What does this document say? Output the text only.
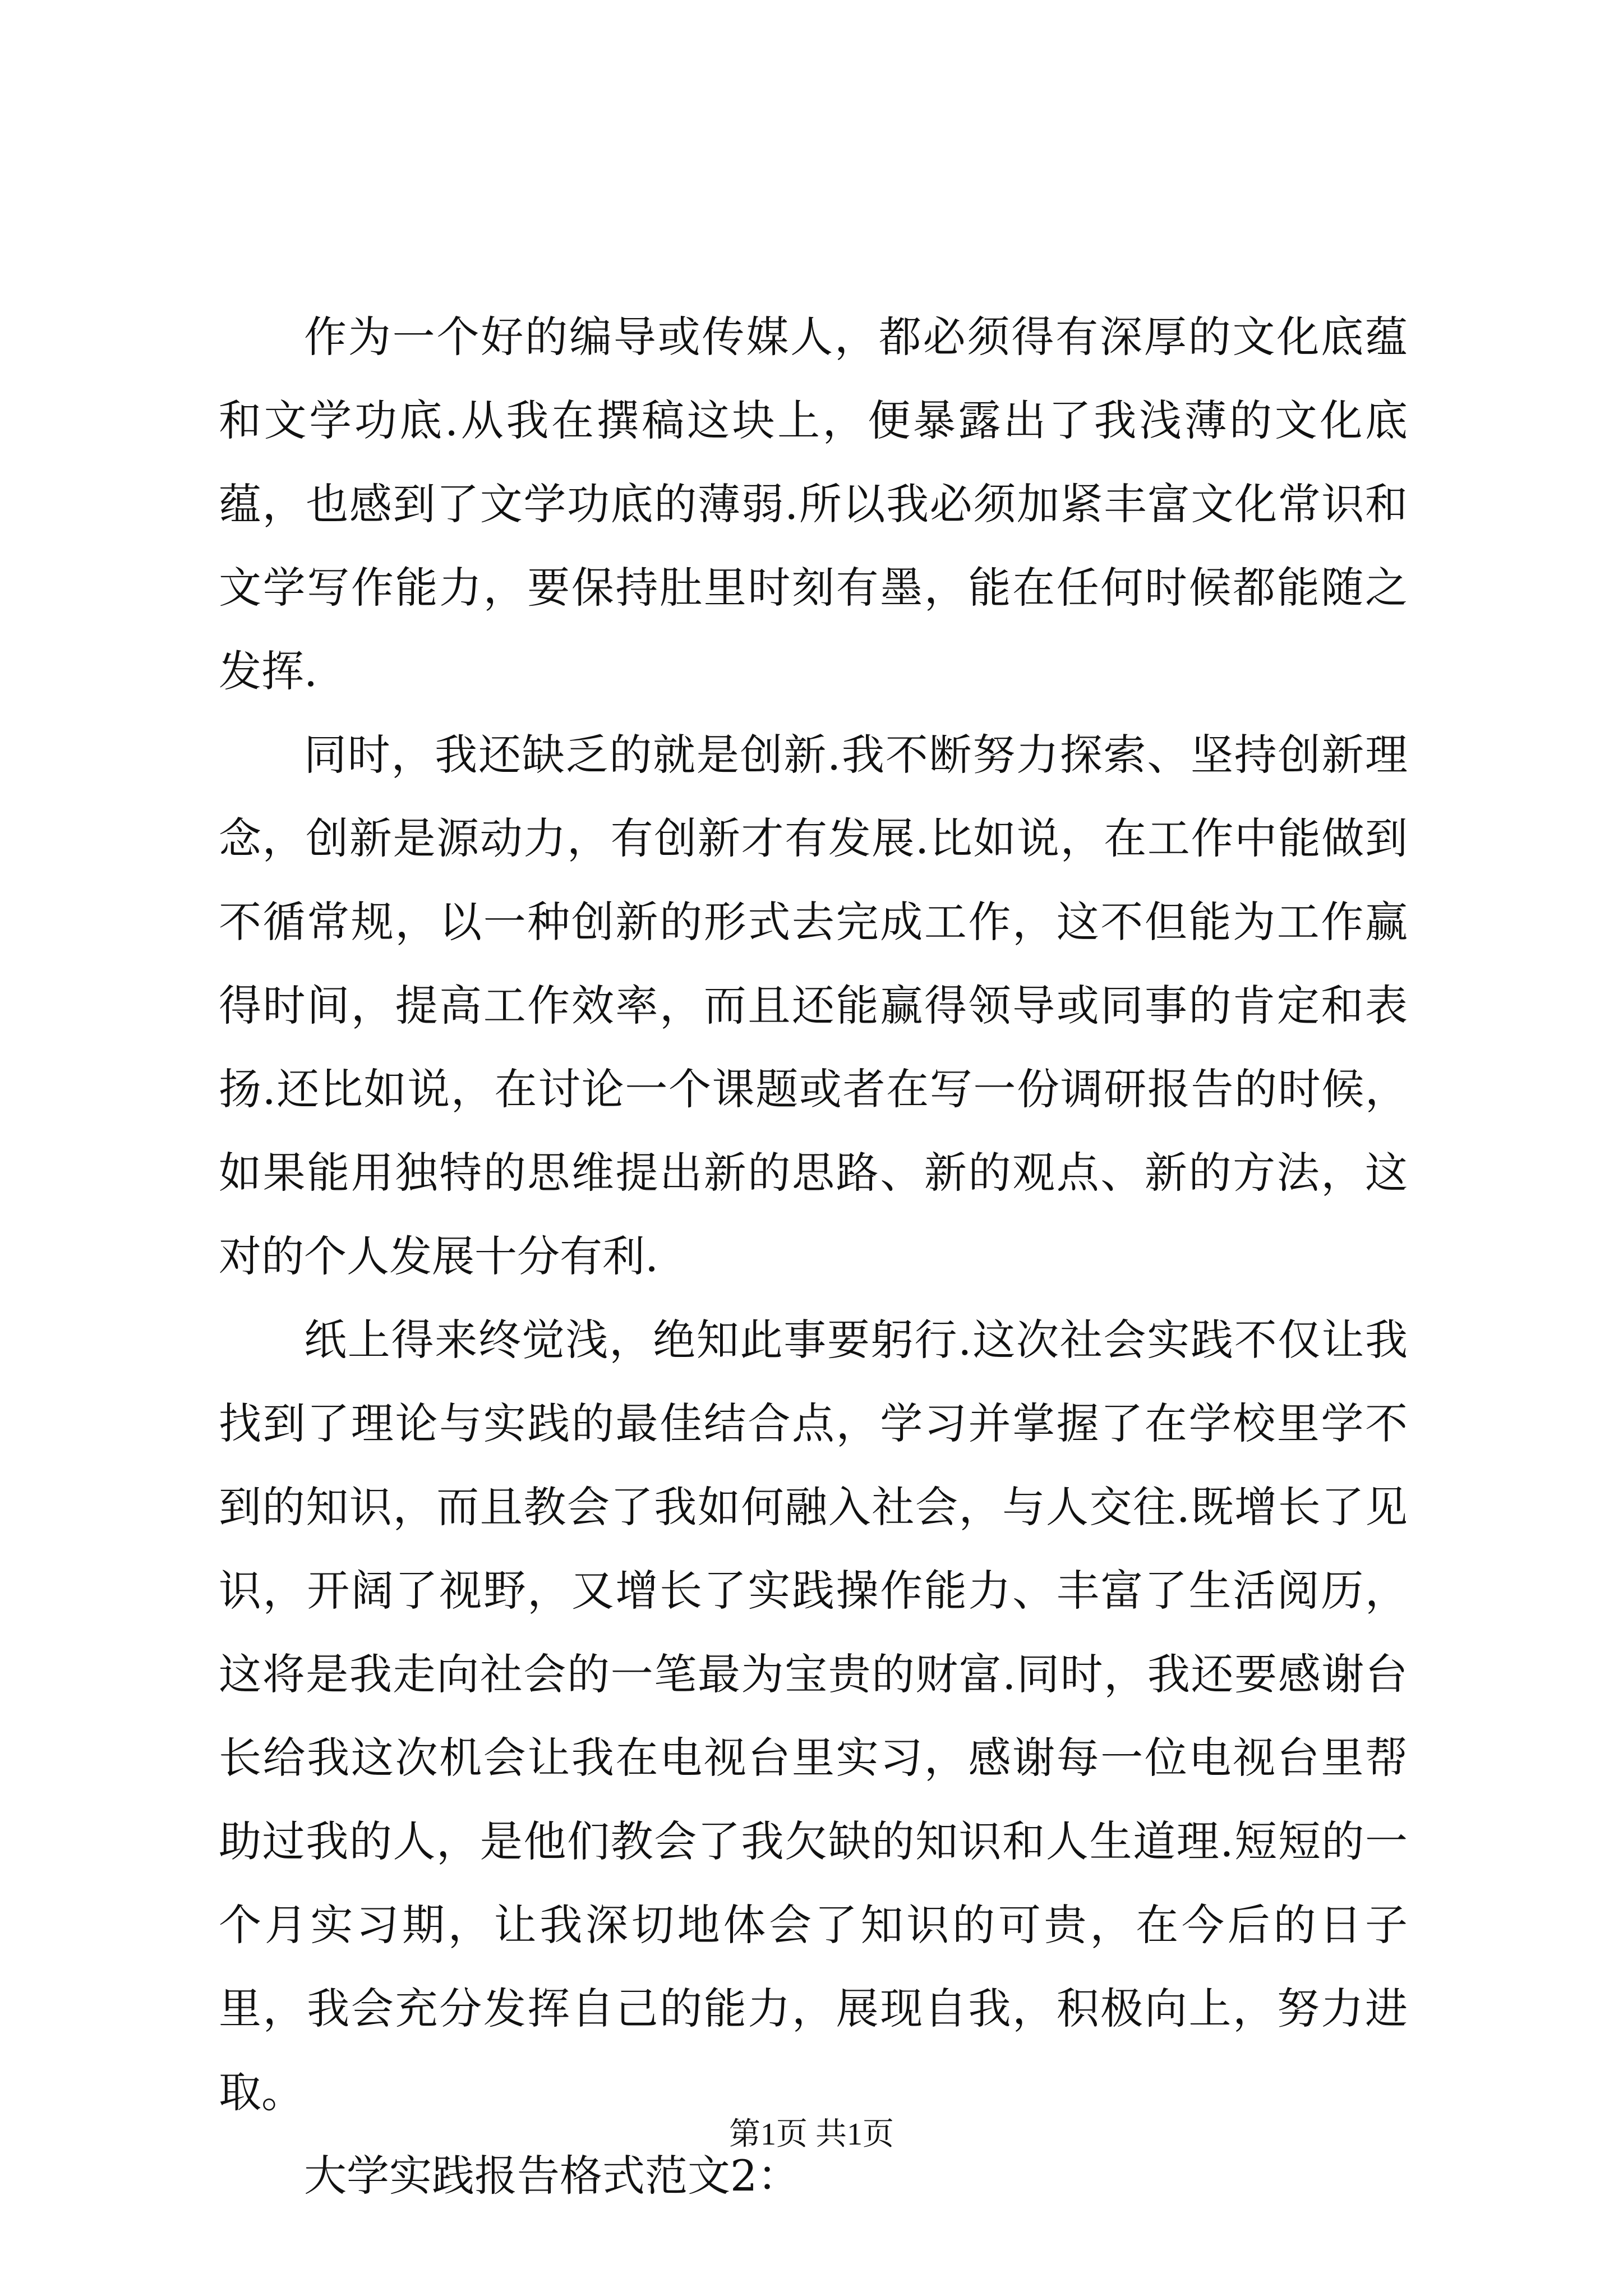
作为一个好的编导或传媒人，都必须得有深厚的文化底蕴和文学功底.从我在撰稿这块上，便暴露出了我浅薄的文化底蕴，也感到了文学功底的薄弱.所以我必须加紧丰富文化常识和文学写作能力，要保持肚里时刻有墨，能在任何时候都能随之发挥.

同时，我还缺乏的就是创新.我不断努力探索、坚持创新理念，创新是源动力，有创新才有发展.比如说，在工作中能做到不循常规，以一种创新的形式去完成工作，这不但能为工作赢得时间，提高工作效率，而且还能赢得领导或同事的肯定和表扬.还比如说，在讨论一个课题或者在写一份调研报告的时候，如果能用独特的思维提出新的思路、新的观点、新的方法，这对的个人发展十分有利.

纸上得来终觉浅，绝知此事要躬行.这次社会实践不仅让我找到了理论与实践的最佳结合点，学习并掌握了在学校里学不到的知识，而且教会了我如何融入社会，与人交往.既增长了见识，开阔了视野，又增长了实践操作能力、丰富了生活阅历，这将是我走向社会的一笔最为宝贵的财富.同时，我还要感谢台长给我这次机会让我在电视台里实习，感谢每一位电视台里帮助过我的人，是他们教会了我欠缺的知识和人生道理.短短的一个月实习期，让我深切地体会了知识的可贵，在今后的日子里，我会充分发挥自己的能力，展现自我，积极向上，努力进取。

大学实践报告格式范文2：

第1页 共1页
